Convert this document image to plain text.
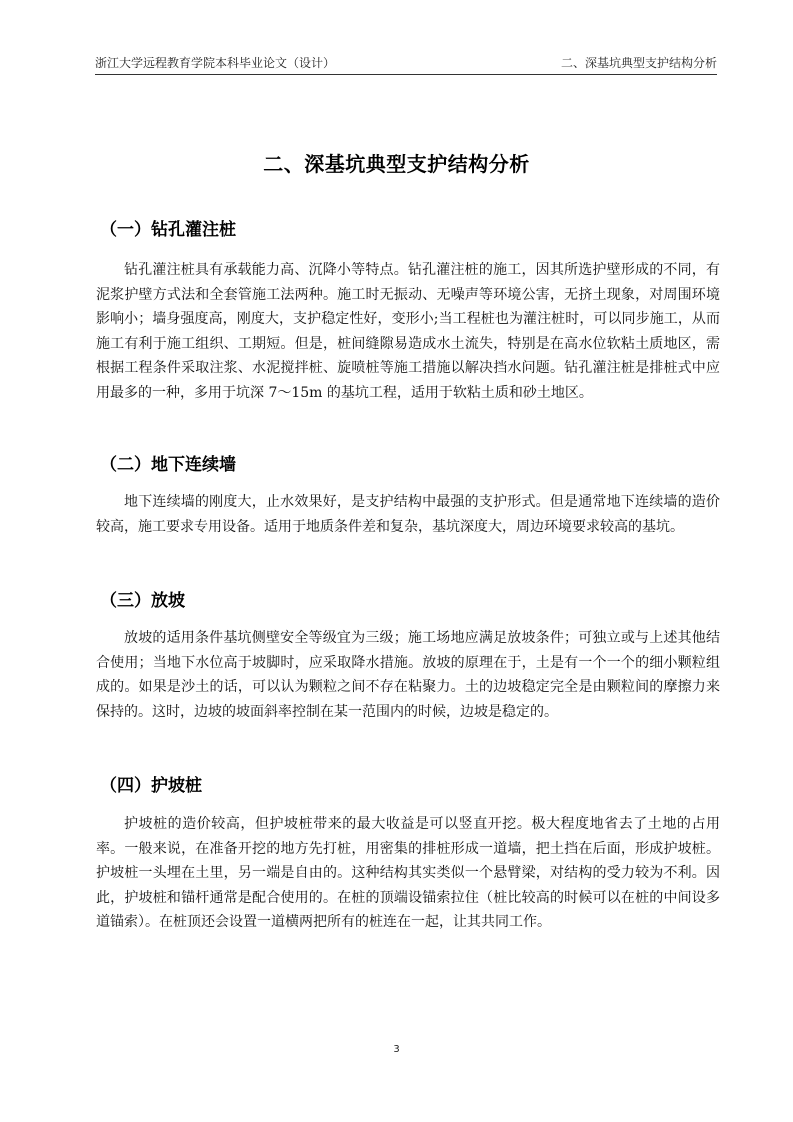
浙江大学远程教育学院本科毕业论文（设计）	二、深基坑典型支护结构分析
二、深基坑典型支护结构分析
（一）钻孔灌注桩
钻孔灌注桩具有承载能力高、沉降小等特点。钻孔灌注桩的施工，因其所选护壁形成的不同，有泥浆护壁方式法和全套管施工法两种。施工时无振动、无噪声等环境公害，无挤土现象，对周围环境影响小；墙身强度高，刚度大，支护稳定性好，变形小;当工程桩也为灌注桩时，可以同步施工，从而施工有利于施工组织、工期短。但是，桩间缝隙易造成水土流失，特别是在高水位软粘土质地区，需根据工程条件采取注浆、水泥搅拌桩、旋喷桩等施工措施以解决挡水问题。钻孔灌注桩是排桩式中应用最多的一种，多用于坑深 7～15m 的基坑工程，适用于软粘土质和砂土地区。
（二）地下连续墙
地下连续墙的刚度大，止水效果好，是支护结构中最强的支护形式。但是通常地下连续墙的造价较高，施工要求专用设备。适用于地质条件差和复杂，基坑深度大，周边环境要求较高的基坑。
（三）放坡
放坡的适用条件基坑侧壁安全等级宜为三级；施工场地应满足放坡条件；可独立或与上述其他结合使用；当地下水位高于坡脚时，应采取降水措施。放坡的原理在于，土是有一个一个的细小颗粒组成的。如果是沙土的话，可以认为颗粒之间不存在粘聚力。土的边坡稳定完全是由颗粒间的摩擦力来保持的。这时，边坡的坡面斜率控制在某一范围内的时候，边坡是稳定的。
（四）护坡桩
护坡桩的造价较高，但护坡桩带来的最大收益是可以竖直开挖。极大程度地省去了土地的占用率。一般来说，在准备开挖的地方先打桩，用密集的排桩形成一道墙，把土挡在后面，形成护坡桩。护坡桩一头埋在土里，另一端是自由的。这种结构其实类似一个悬臂梁，对结构的受力较为不利。因此，护坡桩和锚杆通常是配合使用的。在桩的顶端设锚索拉住（桩比较高的时候可以在桩的中间设多道锚索）。在桩顶还会设置一道横两把所有的桩连在一起，让其共同工作。
3
